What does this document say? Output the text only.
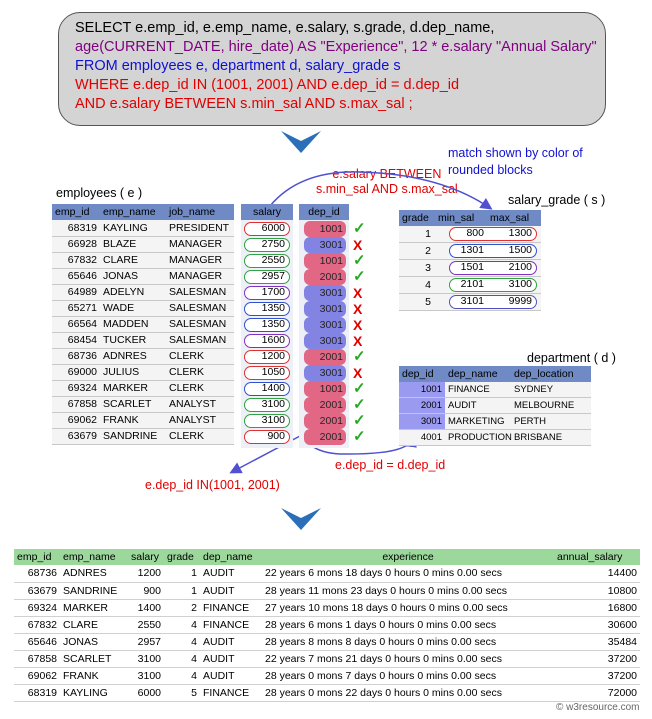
SELECT e.emp_id, e.emp_name, e.salary, s.grade, d.dep_name,
age(CURRENT_DATE, hire_date) AS "Experience", 12 * e.salary "Annual Salary"
FROM employees e, department d, salary_grade s
WHERE e.dep_id IN (1001, 2001) AND e.dep_id = d.dep_id
AND e.salary BETWEEN s.min_sal AND s.max_sal ;
match shown by color of rounded blocks
e.salary BETWEEN
s.min_sal AND s.max_sal
e.dep_id = d.dep_id
e.dep_id IN(1001, 2001)
employees ( e )
emp_id	emp_name	job_name
68319	KAYLING	PRESIDENT
66928	BLAZE	MANAGER
67832	CLARE	MANAGER
65646	JONAS	MANAGER
64989	ADELYN	SALESMAN
65271	WADE	SALESMAN
66564	MADDEN	SALESMAN
68454	TUCKER	SALESMAN
68736	ADNRES	CLERK
69000	JULIUS	CLERK
69324	MARKER	CLERK
67858	SCARLET	ANALYST
69062	FRANK	ANALYST
63679	SANDRINE	CLERK
salary	dep_id
6000	1001 ✓
2750	3001 X
2550	1001 ✓
2957	2001 ✓
1700	3001 X
1350	3001 X
1350	3001 X
1600	3001 X
1200	2001 ✓
1050	3001 X
1400	1001 ✓
3100	2001 ✓
3100	2001 ✓
900	2001 ✓
salary_grade ( s )
grade min_sal	max_sal
1	800	1300
2	1301	1500
3	1501	2100
4	2101	3100
5	3101	9999
department ( d )
dep_id	dep_name	dep_location
1001 FINANCE	SYDNEY
2001 AUDIT	MELBOURNE
3001 MARKETING	PERTH
4001 PRODUCTION BRISBANE
emp_id	emp_name	salary	grade	dep_name	experience	annual_salary
68736	ADNRES	1200	1	AUDIT	22 years 6 mons 18 days 0 hours 0 mins 0.00 secs	14400
63679	SANDRINE	900	1	AUDIT	28 years 11 mons 23 days 0 hours 0 mins 0.00 secs	10800
69324	MARKER	1400	2	FINANCE	27 years 10 mons 18 days 0 hours 0 mins 0.00 secs	16800
67832	CLARE	2550	4	FINANCE	28 years 6 mons 1 days 0 hours 0 mins 0.00 secs	30600
65646	JONAS	2957	4	AUDIT	28 years 8 mons 8 days 0 hours 0 mins 0.00 secs	35484
67858	SCARLET	3100	4	AUDIT	22 years 7 mons 21 days 0 hours 0 mins 0.00 secs	37200
69062	FRANK	3100	4	AUDIT	28 years 0 mons 7 days 0 hours 0 mins 0.00 secs	37200
68319	KAYLING	6000	5	FINANCE	28 years 0 mons 22 days 0 hours 0 mins 0.00 secs	72000
© w3resource.com
